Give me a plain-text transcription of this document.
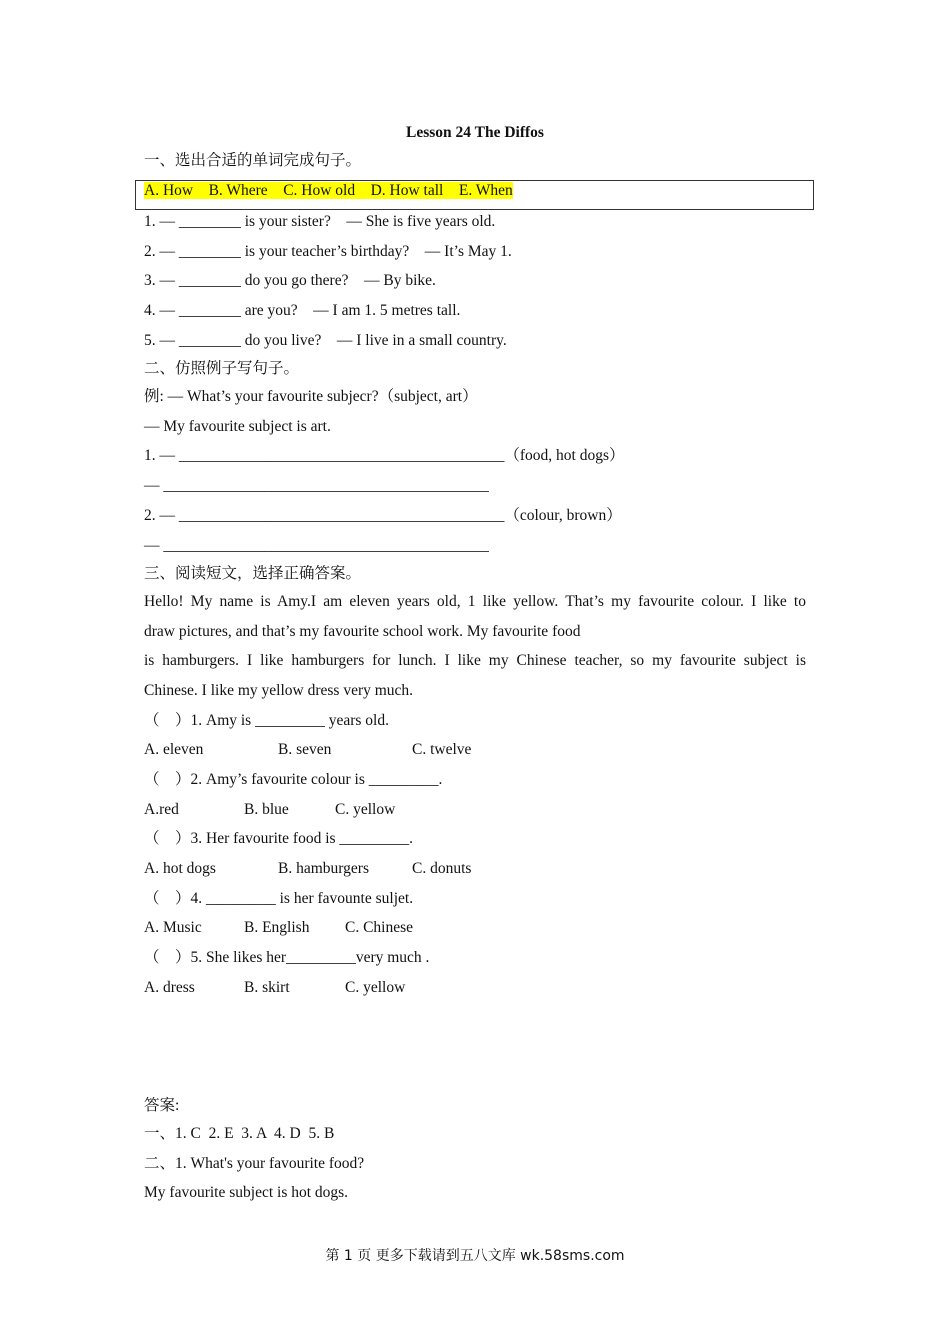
Lesson 24 The Diffos
一、选出合适的单词完成句子。
A. How    B. Where    C. How old    D. How tall    E. When
1. — ________ is your sister?    — She is five years old.
2. — ________ is your teacher’s birthday?    — It’s May 1.
3. — ________ do you go there?    — By bike.
4. — ________ are you?    — I am 1. 5 metres tall.
5. — ________ do you live?    — I live in a small country.
二、仿照例子写句子。
例: — What’s your favourite subjecr?（subject, art）
— My favourite subject is art.
1. — __________________________________________（food, hot dogs）
— __________________________________________
2. — __________________________________________（colour, brown）
— __________________________________________
三、阅读短文，选择正确答案。
Hello! My name is Amy.I am eleven years old, 1 like yellow. That’s my favourite colour. I like to
draw pictures, and that’s my favourite school work. My favourite food
is hamburgers. I like hamburgers for lunch. I like my Chinese teacher, so my favourite subject is
Chinese. I like my yellow dress very much.
（    ）1. Amy is _________ years old.
A. eleven	B. seven	C. twelve
（    ）2. Amy’s favourite colour is _________.
A.red	B. blue	C. yellow
（    ）3. Her favourite food is _________.
A. hot dogs	B. hamburgers	C. donuts
（    ）4. _________ is her favounte suljet.
A. Music	B. English C. Chinese
（    ）5. She likes her_________very much .
A. dress	B. skirt	C. yellow
答案:
一、1. C  2. E  3. A  4. D  5. B
二、1. What's your favourite food?
My favourite subject is hot dogs.
第 1 页 更多下载请到五八文库 wk.58sms.com
